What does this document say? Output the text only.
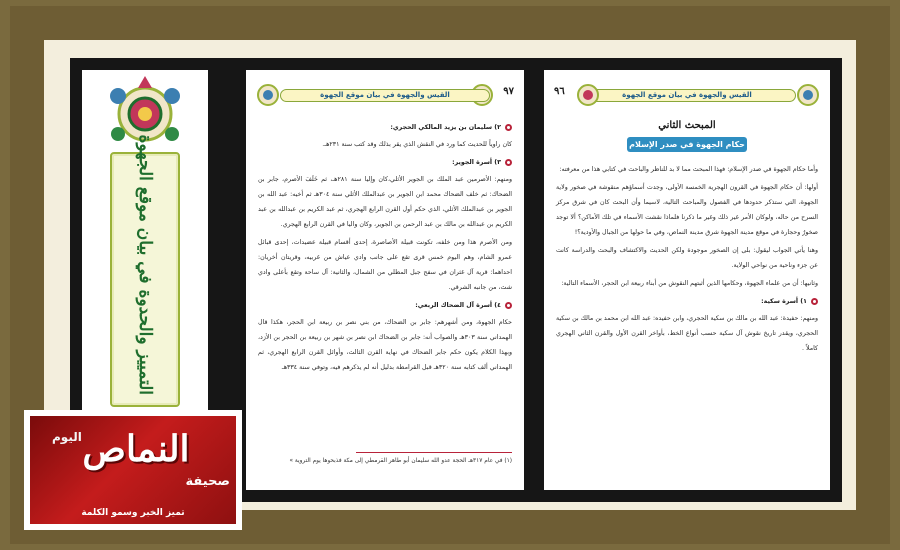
التمييز والحدوة في بيان موقع الجهوة
٩٧
القيس والجهوة في بيان موقع الجهوة
٢) سليمان بن يزيد المالكي الحجري:

كان راوياً للحديث كما ورد في النقش الذي يقر بذلك وقد كتب سنة ٢٣١هـ.

٣) أسرة الجوير:

ومنهم: الأصرمين عبد الملك بن الجوير الأثلي،كان وإليا سنة ٢٨١هـ، ثم خَلَفَ الأصرم، جابر بن الضحاك: ثم خلف الضحاك محمد ابن الجوير بن عبدالملك الأثلي سنة ٣٠٤هـ ثم أخيه: عبد الله بن الجوير بن عبدالملك الأثلي، الذي حكم أول القرن الرابع الهجري، ثم عبد الكريم بن عبدالله بن عبد الكريم بن عبدالله بن مالك بن عبد الرحمن بن الجوير، وكان واليا في القرن الرابع الهجري.

ومن الأصرم هذا ومن خلفه، تكونت قبيلة الأصاصرة، إحدى أقسام قبيلة عضيدات، إحدى قبائل عمرو الشام، وهم اليوم خمس قرى تقع على جانب وادي عياش من غربيه، وقريتان أخريان: احداهما: قرية آل غثران في سفح جبل المطلي من الشمال، والثانية: آل ساحة وتقع بأعلى وادي شث، من جانبه الشرقي.

٤) أسرة آل الضحاك الربعي:

حكام الجهوة، ومن أشهرهم: جابر بن الضحاك، من بني نصر بن ربيعة ابن الحجر، هكذا قال الهمداني سنة ٣٠٣هـ والصواب أنه: جابر بن الضحاك ابن نصر بن شهر بن ربيعة بن الحجر بن الأزد، وبهذا الكلام يكون حكم جابر الضحاك في نهاية القرن الثالث، وأوائل القرن الرابع الهجري، ثم الهمداني ألف كتابه سنة ٣٢٠هـ قبل القرامطة بدليل أنه لم يذكرهم فيه، وتوفي سنة ٣٣٤هـ

(١) في عام ٣١٧هـ الحجة عدو الله سليمان أبو طاهر القرمطي إلى مكة فذبحوها يوم التروية »
٩٦	القيس والجهوة في بيان موقع الجهوة
المبحث الثاني
حكام الجهوة في صدر الإسلام

وأما حكام الجهوة في صدر الإسلام: فهذا المبحث مما لا بد للناظر والباحث في كتابي هذا من معرفته:

أولها: أن حكام الجهوة في القرون الهجرية الخمسة الأولى، وجدت أسماؤهم منقوشة في صخور ولاية الجهوة، التي ستذكر حدودها في الفصول والمباحث التالية، لاسيما وأن البحث كان في شرق مركز السرح من حاله، ولوكان الأمر غير ذلك وغير ما ذكرنا فلماذا نقشت الأسماء في تلك الأماكن؟ ألا توجد صخورٌ وحجارة في موقع مدينة الجهوة شرق مدينة النماص، وفي ما حولها من الجبال والأودية؟!

وهنا يأتي الجواب ليقول: بلى إن الصخور موجودة ولكن الحديث والاكتشاف والبحث والدراسة كانت عن جزء وناحية من نواحي الولاية.

وثانيها: أن من علماء الجهوة، وحكامها الذين أثبتهم النقوش من أبناء ربيعة ابن الحجر، الأسماء التالية:

١) أسرة سكية:

ومنهم: حفيدة: عبد الله بن مالك بن سكية الحجري، وابن حفيده: عبد الله ابن محمد بن مالك بن سكية الحجري، ويقدر تاريخ نقوش آل سكية حسب أنواع الخط، بأواخر القرن الأول والقرن الثاني الهجري كاملاً .

اليوم النماص
صحيفة
تميز الخبر وسمو الكلمة
